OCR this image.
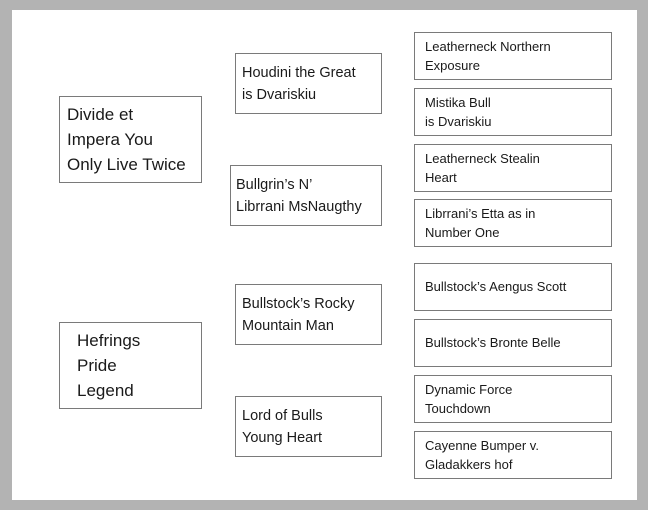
Divide et
Impera You
Only Live Twice
Hefrings
Pride
Legend
Houdini the Great
is Dvariskiu
Bullgrin’s N’
Librrani MsNaugthy
Bullstock’s Rocky
Mountain Man
Lord of Bulls
Young Heart
Leatherneck Northern
Exposure
Mistika Bull
is Dvariskiu
Leatherneck Stealin
Heart
Librrani’s Etta as in
Number One
Bullstock’s Aengus Scott
Bullstock’s Bronte Belle
Dynamic Force
Touchdown
Cayenne Bumper v.
Gladakkers hof
